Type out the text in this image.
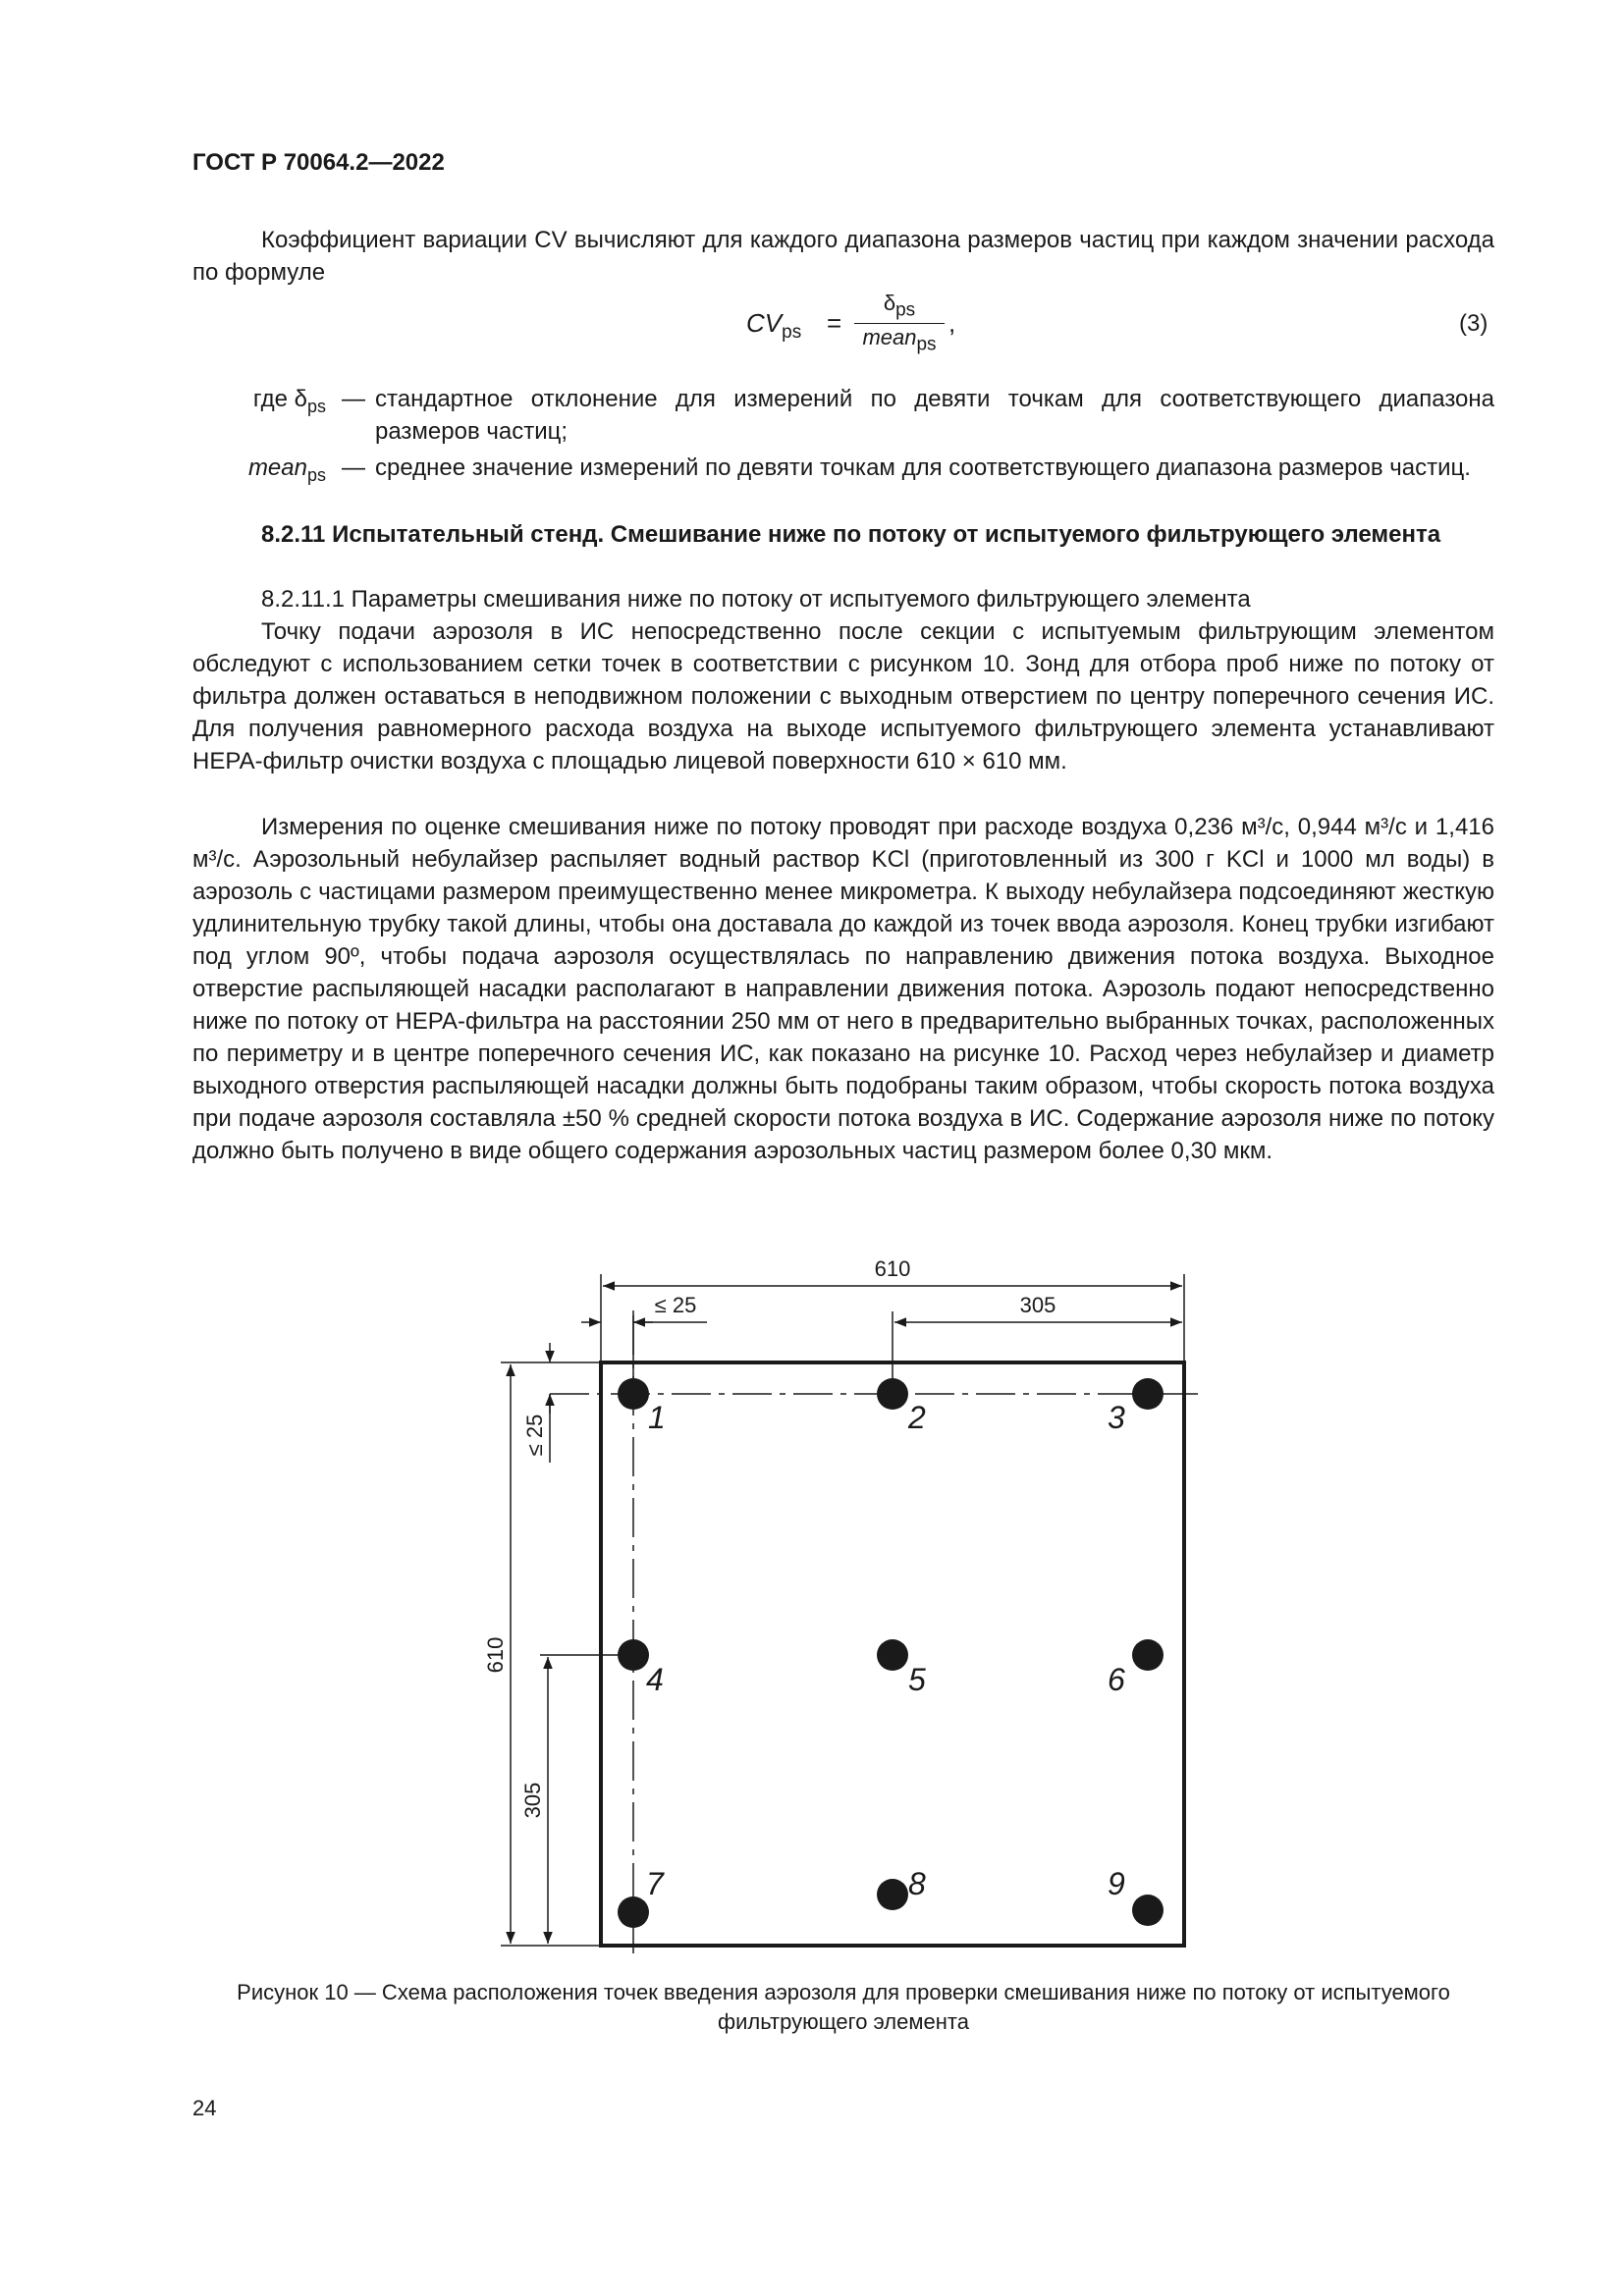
ГОСТ Р 70064.2—2022
Коэффициент вариации CV вычисляют для каждого диапазона размеров частиц при каждом значении расхода по формуле
$CV_{ps}$ =
$\delta_{ps}$
mean$_{ps}$
,	(3)
где $\delta_{ps}$ — стандартное отклонение для измерений по девяти точкам для соответствующего диапазона размеров частиц;
mean$_{ps}$ — среднее значение измерений по девяти точкам для соответствующего диапазона размеров частиц.
8.2.11 Испытательный стенд. Смешивание ниже по потоку от испытуемого фильтрующего элемента
8.2.11.1 Параметры смешивания ниже по потоку от испытуемого фильтрующего элемента
Точку подачи аэрозоля в ИС непосредственно после секции с испытуемым фильтрующим элементом обследуют с использованием сетки точек в соответствии с рисунком 10. Зонд для отбора проб ниже по потоку от фильтра должен оставаться в неподвижном положении с выходным отверстием по центру поперечного сечения ИС. Для получения равномерного расхода воздуха на выходе испытуемого фильтрующего элемента устанавливают HEPA-фильтр очистки воздуха с площадью лицевой поверхности 610 × 610 мм.
Измерения по оценке смешивания ниже по потоку проводят при расходе воздуха 0,236 м³/с, 0,944 м³/с и 1,416 м³/с. Аэрозольный небулайзер распыляет водный раствор KCl (приготовленный из 300 г KCl и 1000 мл воды) в аэрозоль с частицами размером преимущественно менее микрометра. К выходу небулайзера подсоединяют жесткую удлинительную трубку такой длины, чтобы она доставала до каждой из точек ввода аэрозоля. Конец трубки изгибают под углом 90º, чтобы подача аэрозоля осуществлялась по направлению движения потока воздуха. Выходное отверстие распыляющей насадки располагают в направлении движения потока. Аэрозоль подают непосредственно ниже по потоку от HEPA-фильтра на расстоянии 250 мм от него в предварительно выбранных точках, расположенных по периметру и в центре поперечного сечения ИС, как показано на рисунке 10. Расход через небулайзер и диаметр выходного отверстия распыляющей насадки должны быть подобраны таким образом, чтобы скорость потока воздуха при подаче аэрозоля составляла ±50 % средней скорости потока воздуха в ИС. Содержание аэрозоля ниже по потоку должно быть получено в виде общего содержания аэрозольных частиц размером более 0,30 мкм.
610
≤ 25	305
610
≤ 25
305
1	2	3
4	5	6
7	8	9
Рисунок 10 — Схема расположения точек введения аэрозоля для проверки смешивания ниже по потоку от испытуемого фильтрующего элемента
24
